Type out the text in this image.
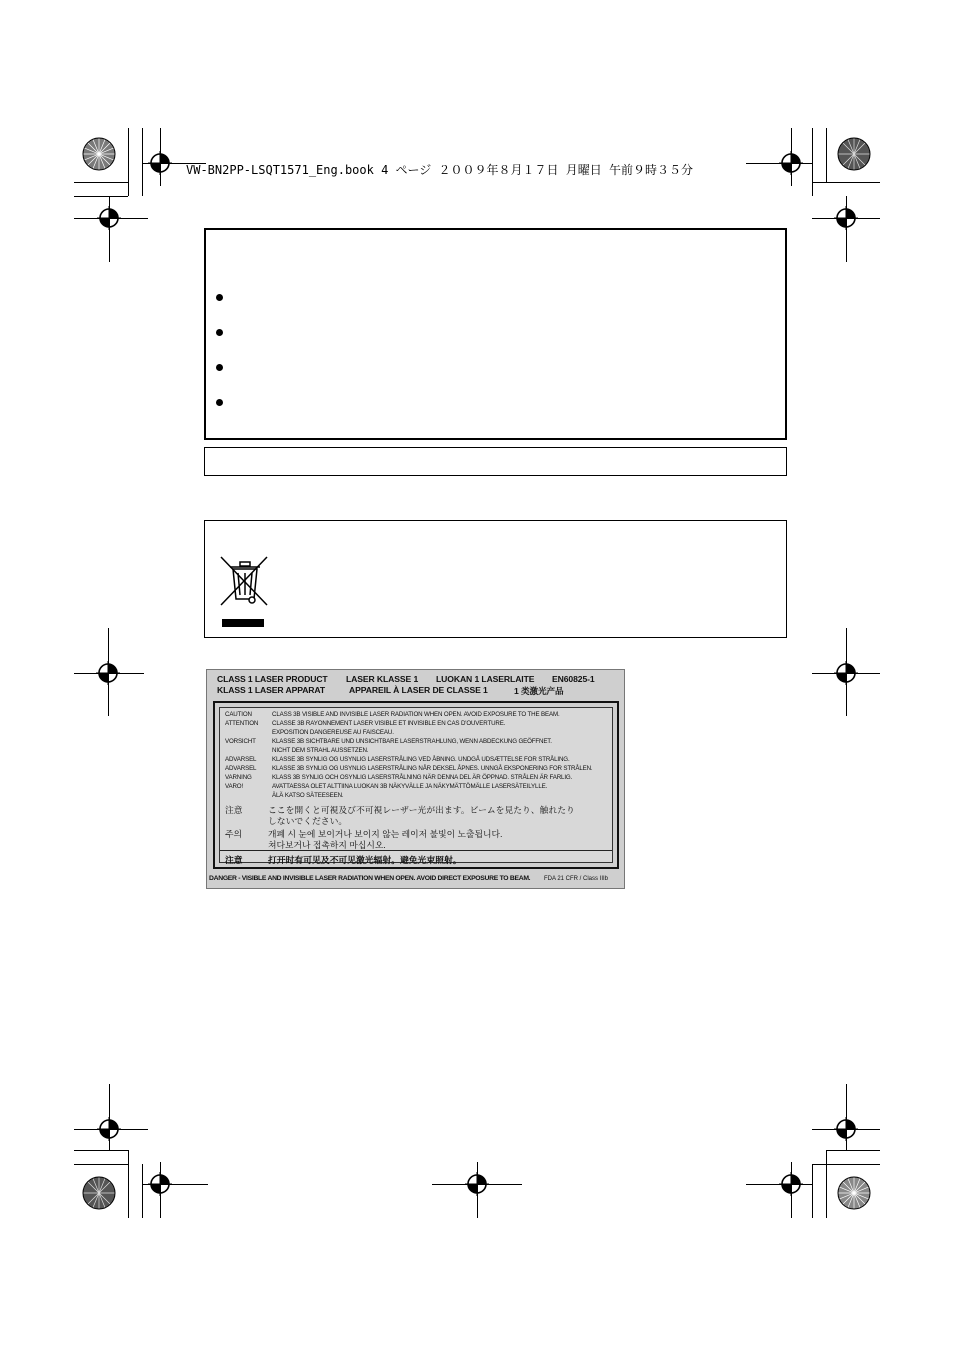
VW-BN2PP-LSQT1571_Eng.book 4 ページ ２００９年８月１７日 月曜日 午前９時３５分
CLASS 1 LASER PRODUCT LASER KLASSE 1 LUOKAN 1 LASERLAITE EN60825-1
KLASS 1 LASER APPARAT	APPAREIL À LASER DE CLASSE 1	1 类激光产品
CAUTION	CLASS 3B VISIBLE AND INVISIBLE LASER RADIATION WHEN OPEN. AVOID EXPOSURE TO THE BEAM.
ATTENTION CLASSE 3B RAYONNEMENT LASER VISIBLE ET INVISIBLE EN CAS D'OUVERTURE.
EXPOSITION DANGEREUSE AU FAISCEAU.
VORSICHT	KLASSE 3B SICHTBARE UND UNSICHTBARE LASERSTRAHLUNG, WENN ABDECKUNG GEÖFFNET.
NICHT DEM STRAHL AUSSETZEN.
ADVARSEL	KLASSE 3B SYNLIG OG USYNLIG LASERSTRÅLING VED ÅBNING. UNDGÅ UDSÆTTELSE FOR STRÅLING.
ADVARSEL	KLASSE 3B SYNLIG OG USYNLIG LASERSTRÅLING NÅR DEKSEL ÅPNES. UNNGÅ EKSPONERING FOR STRÅLEN.
VARNING	KLASS 3B SYNLIG OCH OSYNLIG LASERSTRÅLNING NÄR DENNA DEL ÄR ÖPPNAD. STRÅLEN ÄR FARLIG.
VARO!	AVATTAESSA OLET ALTTIINA LUOKAN 3B NÄKYVÄLLE JA NÄKYMÄTTÖMÄLLE LASERSÄTEILYLLE.
ÄLÄ KATSO SÄTEESEEN.
注意	ここを開くと可視及び不可視レーザー光が出ます。ビームを見たり、触れたり
しないでください。
주의	개폐 시 눈에 보이거나 보이지 않는 레이저 불빛이 노출됩니다.
쳐다보거나 접촉하지 마십시오.
注意	打开时有可见及不可见激光辐射。避免光束照射。
DANGER - VISIBLE AND INVISIBLE LASER RADIATION WHEN OPEN. AVOID DIRECT EXPOSURE TO BEAM. FDA 21 CFR / Class IIIb
